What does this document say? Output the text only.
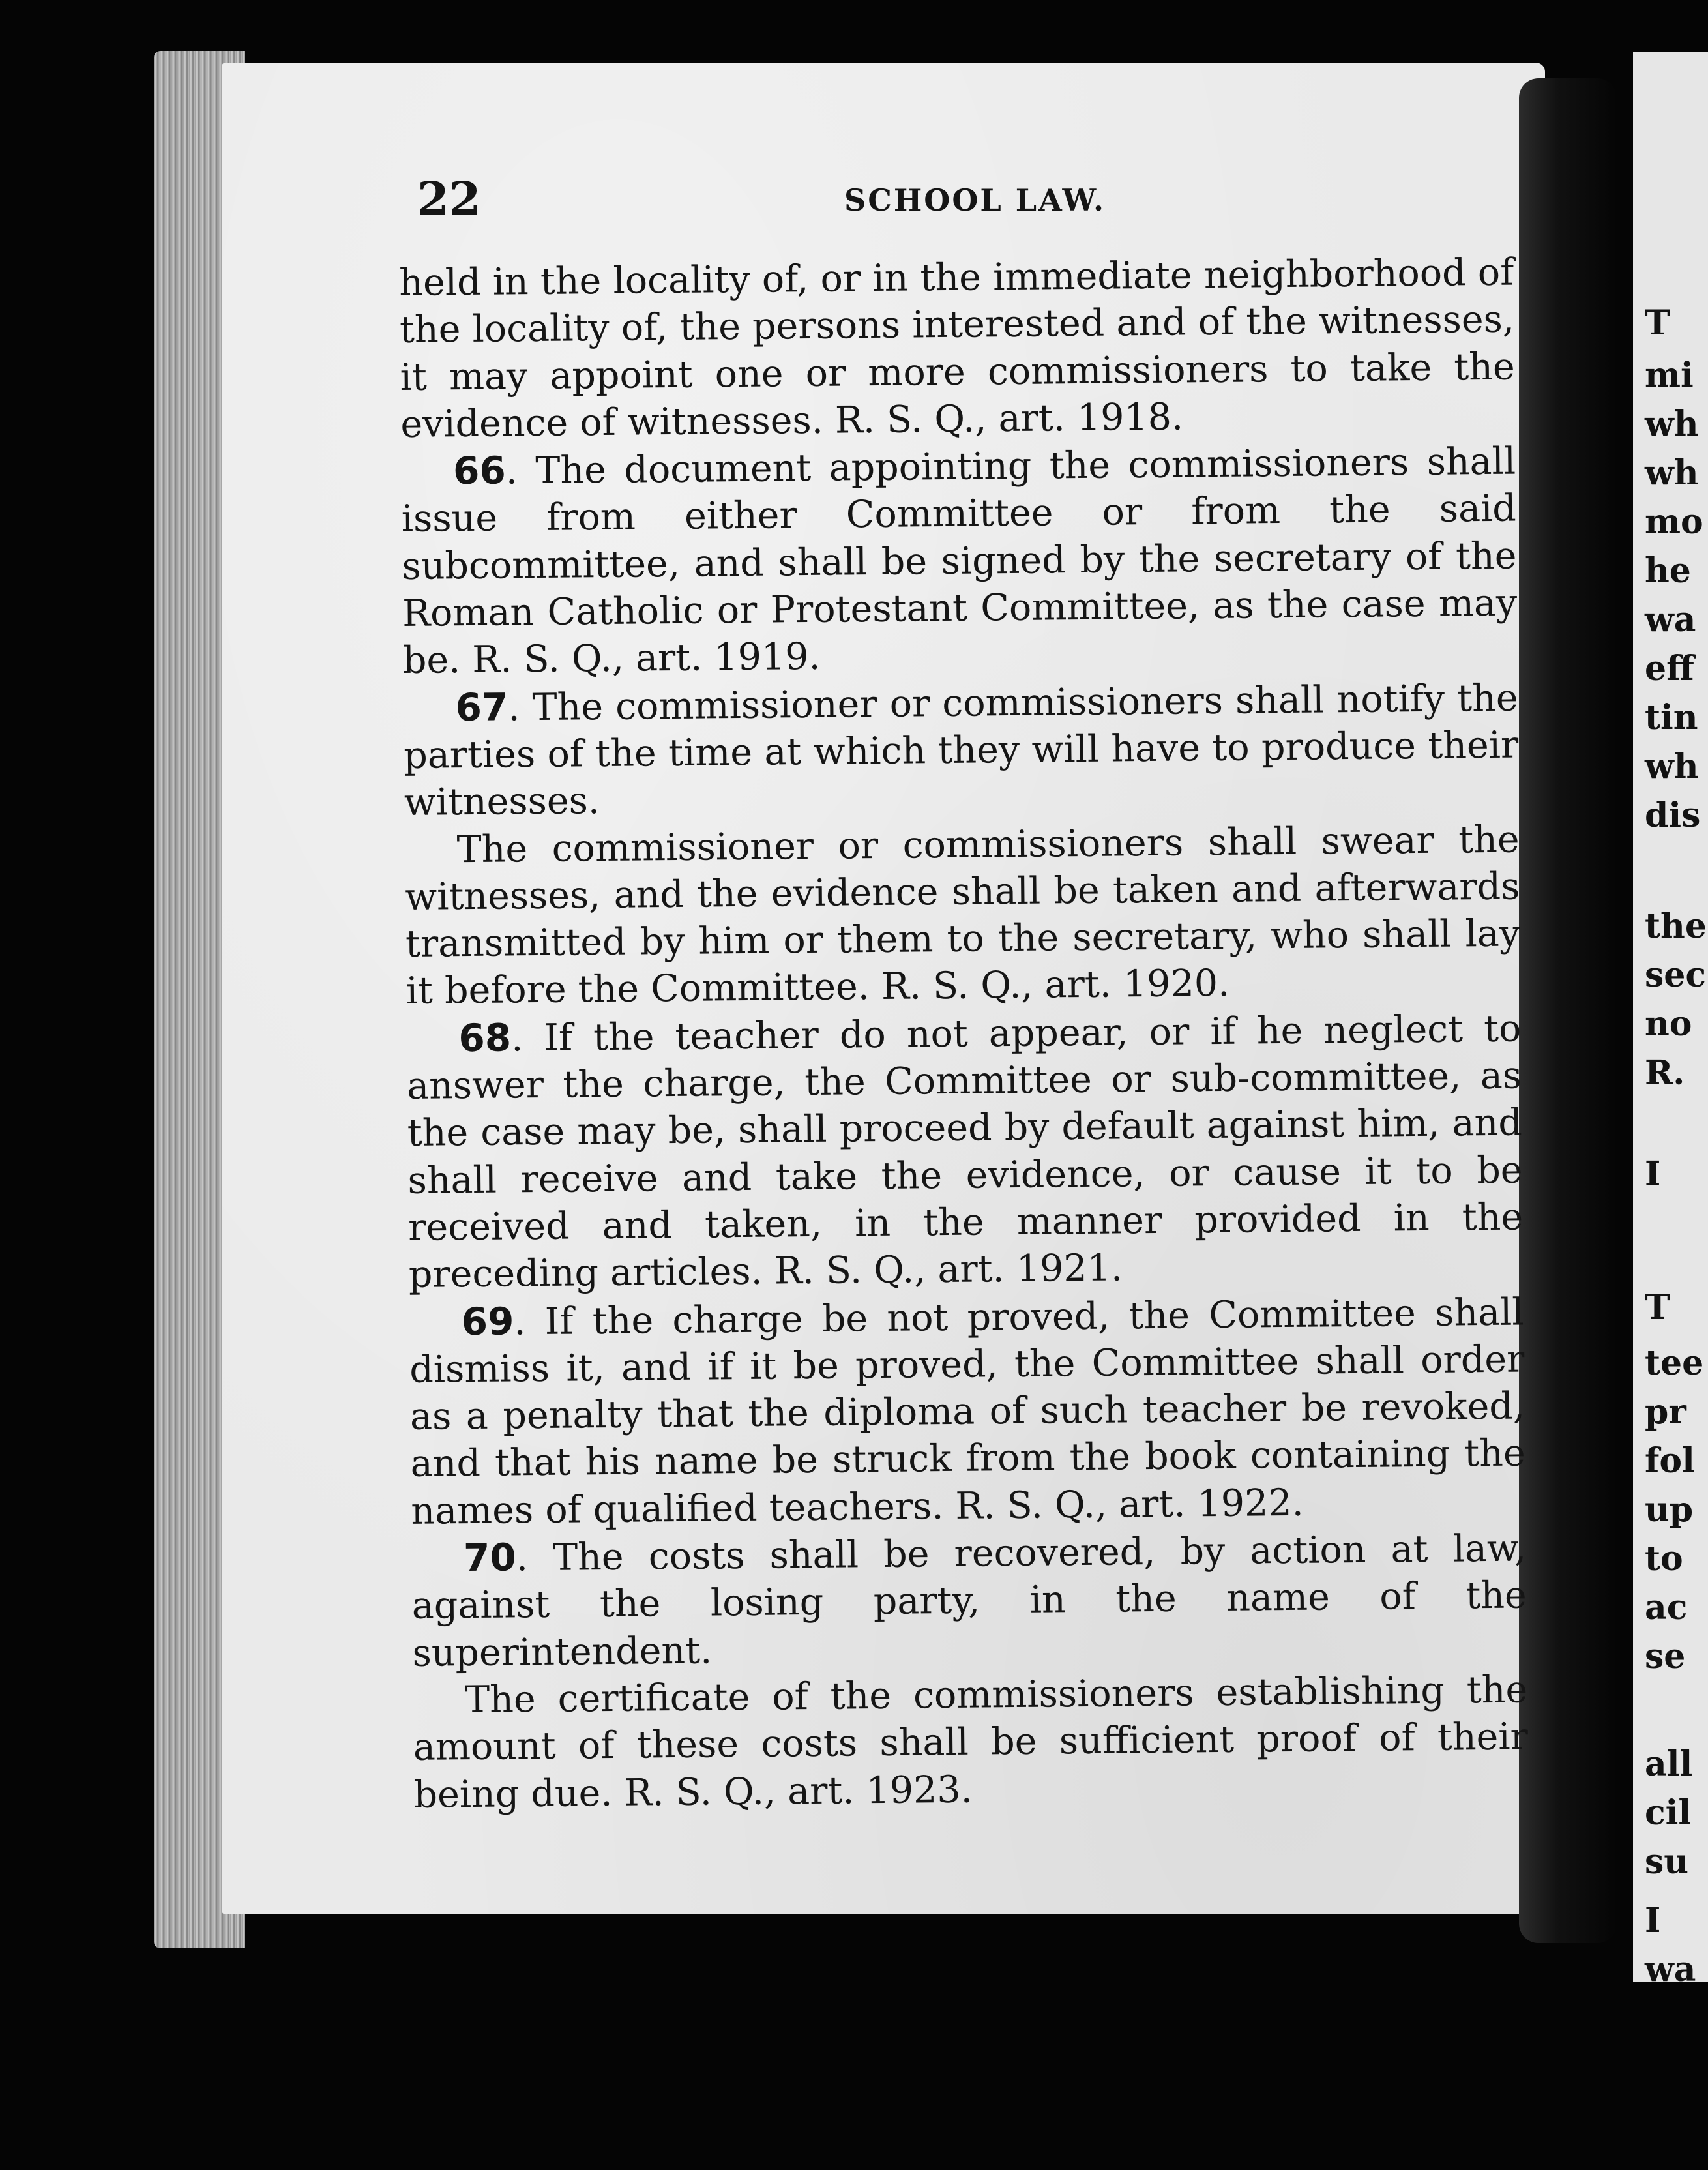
T
mi
wh
wh
mo
he
wa
eff
tin
wh
dis
the
sec
no
R.
I
T
tee
pr
fol
up
to
ac
se
all
cil
su
I
wa
22	SCHOOL LAW.

held in the locality of, or in the immediate neighborhood of the locality of, the persons interested and of the witnesses, it may appoint one or more commissioners to take the evidence of witnesses. R. S. Q., art. 1918.

66. The document appointing the commissioners shall issue from either Committee or from the said subcommittee, and shall be signed by the secretary of the Roman Catholic or Protestant Committee, as the case may be. R. S. Q., art. 1919.

67. The commissioner or commissioners shall notify the parties of the time at which they will have to produce their witnesses.

The commissioner or commissioners shall swear the witnesses, and the evidence shall be taken and afterwards transmitted by him or them to the secretary, who shall lay it before the Committee. R. S. Q., art. 1920.

68. If the teacher do not appear, or if he neglect to answer the charge, the Committee or sub-committee, as the case may be, shall proceed by default against him, and shall receive and take the evidence, or cause it to be received and taken, in the manner provided in the preceding articles. R. S. Q., art. 1921.

69. If the charge be not proved, the Committee shall dismiss it, and if it be proved, the Committee shall order as a penalty that the diploma of such teacher be revoked, and that his name be struck from the book containing the names of qualified teachers. R. S. Q., art. 1922.

70. The costs shall be recovered, by action at law, against the losing party, in the name of the superintendent.

The certificate of the commissioners establishing the amount of these costs shall be sufficient proof of their being due. R. S. Q., art. 1923.
